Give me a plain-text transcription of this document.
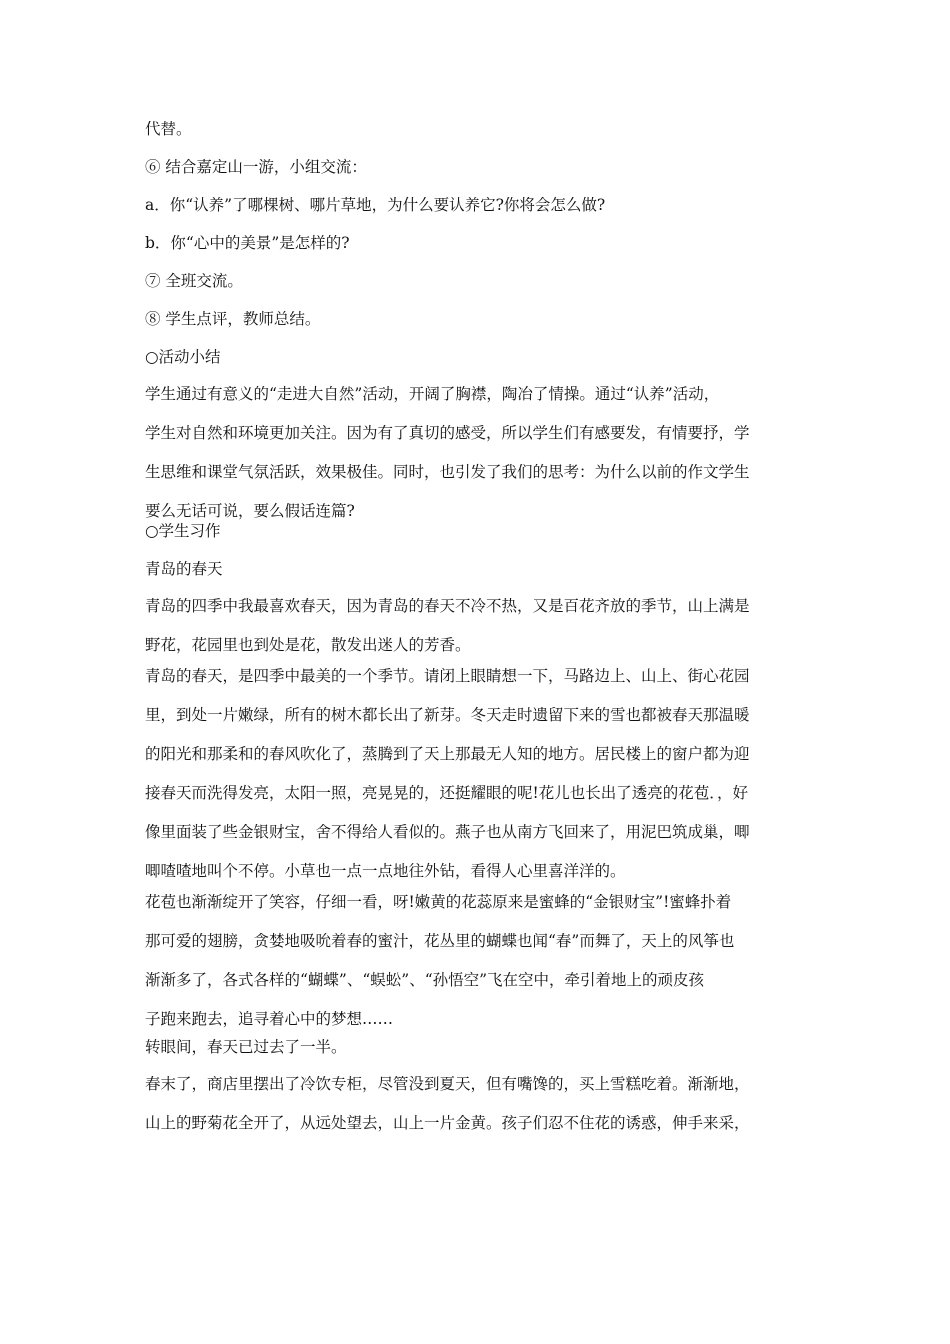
代替。

⑥ 结合嘉定山一游，小组交流：

a．你“认养”了哪棵树、哪片草地，为什么要认养它?你将会怎么做?

b．你“心中的美景”是怎样的?

⑦ 全班交流。

⑧ 学生点评，教师总结。

○活动小结

学生通过有意义的“走进大自然”活动，开阔了胸襟，陶冶了情操。通过“认养”活动，
学生对自然和环境更加关注。因为有了真切的感受，所以学生们有感要发，有情要抒，学
生思维和课堂气氛活跃，效果极佳。同时，也引发了我们的思考：为什么以前的作文学生
要么无话可说，要么假话连篇?

○学生习作

青岛的春天

青岛的四季中我最喜欢春天，因为青岛的春天不冷不热，又是百花齐放的季节，山上满是
野花，花园里也到处是花，散发出迷人的芳香。
青岛的春天，是四季中最美的一个季节。请闭上眼睛想一下，马路边上、山上、街心花园
里，到处一片嫩绿，所有的树木都长出了新芽。冬天走时遗留下来的雪也都被春天那温暖
的阳光和那柔和的春风吹化了，蒸腾到了天上那最无人知的地方。居民楼上的窗户都为迎
接春天而洗得发亮，太阳一照，亮晃晃的，还挺耀眼的呢!花儿也长出了透亮的花苞．，好
像里面装了些金银财宝，舍不得给人看似的。燕子也从南方飞回来了，用泥巴筑成巢，唧
唧喳喳地叫个不停。小草也一点一点地往外钻，看得人心里喜洋洋的。
花苞也渐渐绽开了笑容，仔细一看，呀!嫩黄的花蕊原来是蜜蜂的“金银财宝”!蜜蜂扑着
那可爱的翅膀，贪婪地吸吮着春的蜜汁，花丛里的蝴蝶也闻“春”而舞了，天上的风筝也
渐渐多了，各式各样的“蝴蝶”、“蜈蚣”、“孙悟空”飞在空中，牵引着地上的顽皮孩
子跑来跑去，追寻着心中的梦想……

转眼间，春天已过去了一半。

春末了，商店里摆出了冷饮专柜，尽管没到夏天，但有嘴馋的，买上雪糕吃着。渐渐地，
山上的野菊花全开了，从远处望去，山上一片金黄。孩子们忍不住花的诱惑，伸手来采，
